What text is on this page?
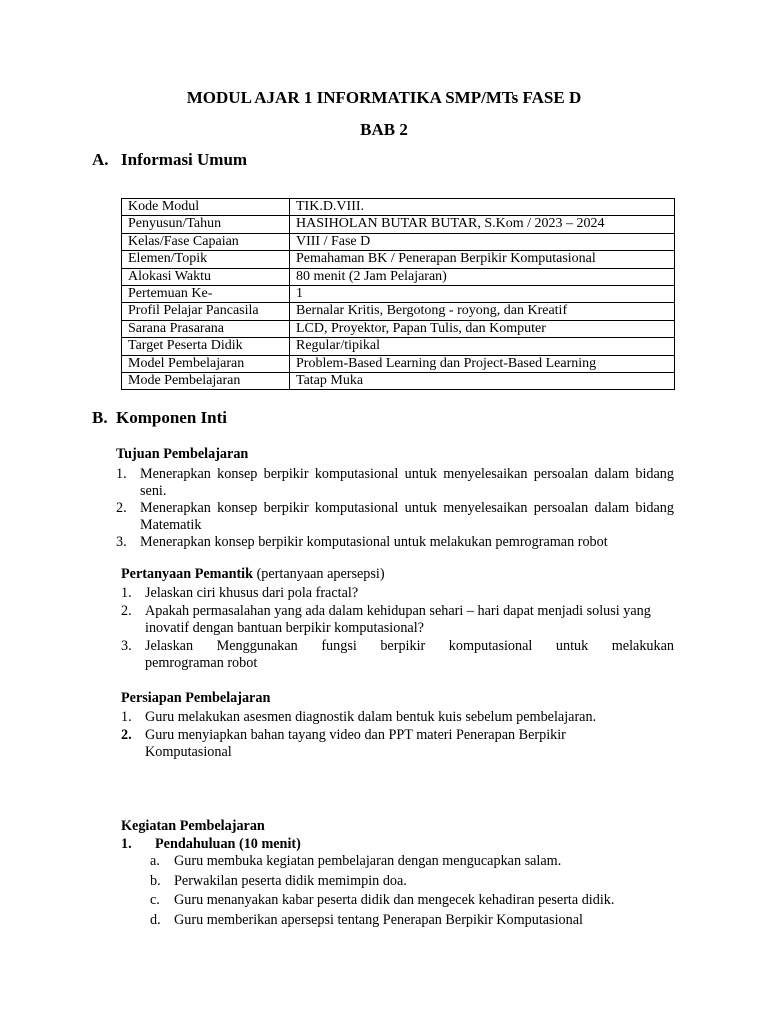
MODUL AJAR 1 INFORMATIKA SMP/MTs FASE D
BAB 2
A. Informasi Umum
Kode Modul	TIK.D.VIII.
Penyusun/Tahun	HASIHOLAN BUTAR BUTAR, S.Kom / 2023 – 2024
Kelas/Fase Capaian	VIII / Fase D
Elemen/Topik	Pemahaman BK / Penerapan Berpikir Komputasional
Alokasi Waktu	80 menit (2 Jam Pelajaran)
Pertemuan Ke-	1
Profil Pelajar Pancasila	Bernalar Kritis, Bergotong - royong, dan Kreatif
Sarana Prasarana	LCD, Proyektor, Papan Tulis, dan Komputer
Target Peserta Didik	Regular/tipikal
Model Pembelajaran	Problem-Based Learning dan Project-Based Learning
Mode Pembelajaran	Tatap Muka
B. Komponen Inti
Tujuan Pembelajaran
1. Menerapkan konsep berpikir komputasional untuk menyelesaikan persoalan dalam bidang seni.
2. Menerapkan konsep berpikir komputasional untuk menyelesaikan persoalan dalam bidang Matematik
3. Menerapkan konsep berpikir komputasional untuk melakukan pemrograman robot
Pertanyaan Pemantik (pertanyaan apersepsi)
1. Jelaskan ciri khusus dari pola fractal?
2. Apakah permasalahan yang ada dalam kehidupan sehari – hari dapat menjadi solusi yang inovatif dengan bantuan berpikir komputasional?
3. Jelaskan Menggunakan fungsi berpikir komputasional untuk melakukan
pemrograman robot
Persiapan Pembelajaran
1. Guru melakukan asesmen diagnostik dalam bentuk kuis sebelum pembelajaran.
2. Guru menyiapkan bahan tayang video dan PPT materi Penerapan Berpikir Komputasional
Kegiatan Pembelajaran
1. Pendahuluan (10 menit)
a. Guru membuka kegiatan pembelajaran dengan mengucapkan salam.
b. Perwakilan peserta didik memimpin doa.
c. Guru menanyakan kabar peserta didik dan mengecek kehadiran peserta didik.
d. Guru memberikan apersepsi tentang Penerapan Berpikir Komputasional
